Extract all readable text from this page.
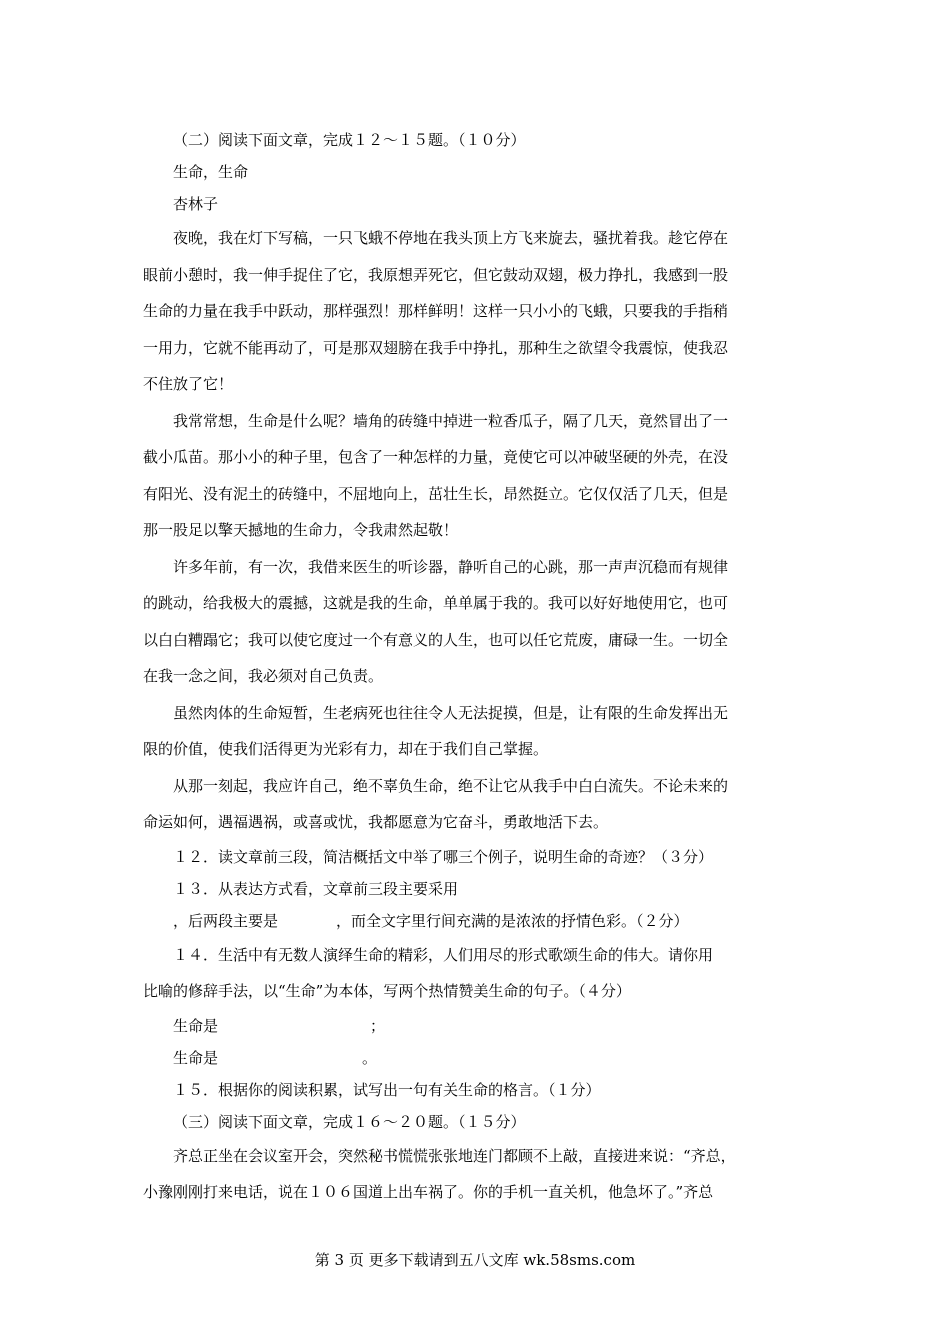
（二）阅读下面文章，完成１２～１５题。（１０分）
生命，生命
杏林子
夜晚，我在灯下写稿，一只飞蛾不停地在我头顶上方飞来旋去，骚扰着我。趁它停在
眼前小憩时，我一伸手捉住了它，我原想弄死它，但它鼓动双翅，极力挣扎，我感到一股
生命的力量在我手中跃动，那样强烈！那样鲜明！这样一只小小的飞蛾，只要我的手指稍
一用力，它就不能再动了，可是那双翅膀在我手中挣扎，那种生之欲望令我震惊，使我忍
不住放了它！
我常常想，生命是什么呢？墙角的砖缝中掉进一粒香瓜子，隔了几天，竟然冒出了一
截小瓜苗。那小小的种子里，包含了一种怎样的力量，竟使它可以冲破坚硬的外壳，在没
有阳光、没有泥土的砖缝中，不屈地向上，茁壮生长，昂然挺立。它仅仅活了几天，但是
那一股足以擎天撼地的生命力，令我肃然起敬！
许多年前，有一次，我借来医生的听诊器，静听自己的心跳，那一声声沉稳而有规律
的跳动，给我极大的震撼，这就是我的生命，单单属于我的。我可以好好地使用它，也可
以白白糟蹋它；我可以使它度过一个有意义的人生，也可以任它荒废，庸碌一生。一切全
在我一念之间，我必须对自己负责。
虽然肉体的生命短暂，生老病死也往往令人无法捉摸，但是，让有限的生命发挥出无
限的价值，使我们活得更为光彩有力，却在于我们自己掌握。
从那一刻起，我应许自己，绝不辜负生命，绝不让它从我手中白白流失。不论未来的
命运如何，遇福遇祸，或喜或忧，我都愿意为它奋斗，勇敢地活下去。
１２．读文章前三段，简洁概括文中举了哪三个例子，说明生命的奇迹？（３分）
１３．从表达方式看，文章前三段主要采用
，后两段主要是	，而全文字里行间充满的是浓浓的抒情色彩。（２分）
１４．生活中有无数人演绎生命的精彩，人们用尽的形式歌颂生命的伟大。请你用
比喻的修辞手法，以“生命”为本体，写两个热情赞美生命的句子。（４分）
生命是	；
生命是	。
１５．根据你的阅读积累，试写出一句有关生命的格言。（１分）
（三）阅读下面文章，完成１６～２０题。（１５分）
齐总正坐在会议室开会，突然秘书慌慌张张地连门都顾不上敲，直接进来说：“齐总，
小豫刚刚打来电话，说在１０６国道上出车祸了。你的手机一直关机，他急坏了。”齐总
第 3 页 更多下载请到五八文库 wk.58sms.com
